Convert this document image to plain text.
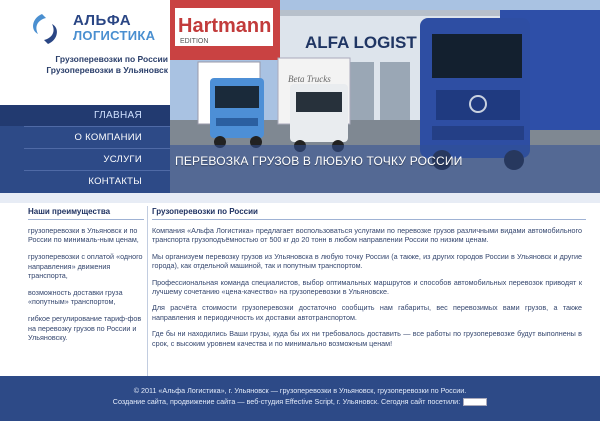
АЛЬФА
ЛОГИСТИКА
Грузоперевозки по России
Грузоперевозки в Ульяновск
Hartmann
EDITION	ALFA LOGIST
Beta Trucks
ПЕРЕВОЗКА ГРУЗОВ В ЛЮБУЮ ТОЧКУ РОССИИ
ГЛАВНАЯ
О КОМПАНИИ
УСЛУГИ
КОНТАКТЫ
Наши преимущества
грузоперевозки в Ульяновск и по России по минималь-ным ценам,
грузоперевозки с оплатой «одного направления» движения транспорта,
возможность доставки груза «попутным» транспортом,
гибкое регулирование тариф-фов на перевозку грузов по России и Ульяновску.
Грузоперевозки по России

Компания «Альфа Логистика» предлагает воспользоваться услугами по перевозке грузов различными видами автомобильного транспорта грузоподъёмностью от 500 кг до 20 тонн в любом направлении России по низким ценам.

Мы организуем перевозку грузов из Ульяновска в любую точку России (а также, из других городов России в Ульяновск и другие города), как отдельной машиной, так и попутным транспортом.

Профессиональная команда специалистов, выбор оптимальных маршрутов и способов автомобильных перевозок приводят к лучшему сочетанию «цена-качество» на грузоперевозки в Ульяновске.

Для расчёта стоимости грузоперевозки достаточно сообщить нам габариты, вес перевозимых вами грузов, а также направления и периодичность их доставки автотранспортом.

Где бы ни находились Ваши грузы, куда бы их ни требовалось доставить — все работы по грузоперевозке будут выполнены в срок, с высоким уровнем качества и по минимально возможным ценам!

© 2011 «Альфа Логистика», г. Ульяновск — грузоперевозки в Ульяновск, грузоперевозки по России.
Создание сайта, продвижение сайта — веб-студия Effective Script, г. Ульяновск. Сегодня сайт посетили:
